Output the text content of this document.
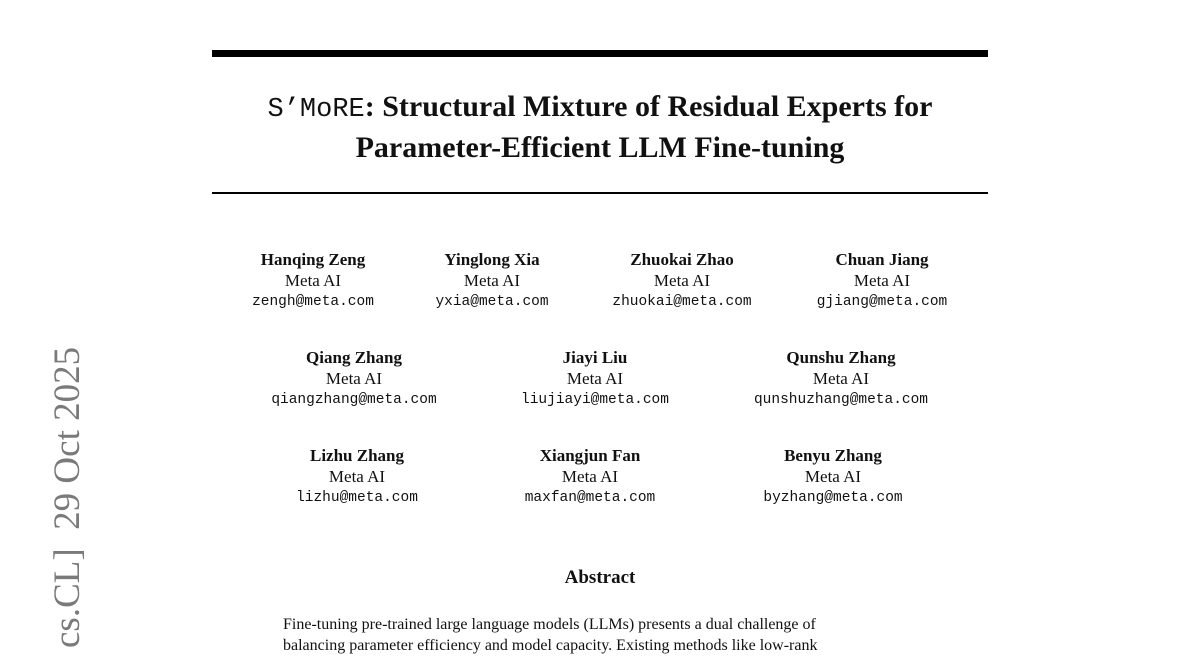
S’MoRE: Structural Mixture of Residual Experts for
Parameter-Efficient LLM Fine-tuning
Hanqing Zeng
Meta AI
zengh@meta.com
Yinglong Xia
Meta AI
yxia@meta.com
Zhuokai Zhao
Meta AI
zhuokai@meta.com
Chuan Jiang
Meta AI
gjiang@meta.com
Qiang Zhang
Meta AI
qiangzhang@meta.com
Jiayi Liu
Meta AI
liujiayi@meta.com
Qunshu Zhang
Meta AI
qunshuzhang@meta.com
Lizhu Zhang
Meta AI
lizhu@meta.com
Xiangjun Fan
Meta AI
maxfan@meta.com
Benyu Zhang
Meta AI
byzhang@meta.com
Abstract
Fine-tuning pre-trained large language models (LLMs) presents a dual challenge of
balancing parameter efficiency and model capacity. Existing methods like low-rank
cs.CL]  29 Oct 2025
